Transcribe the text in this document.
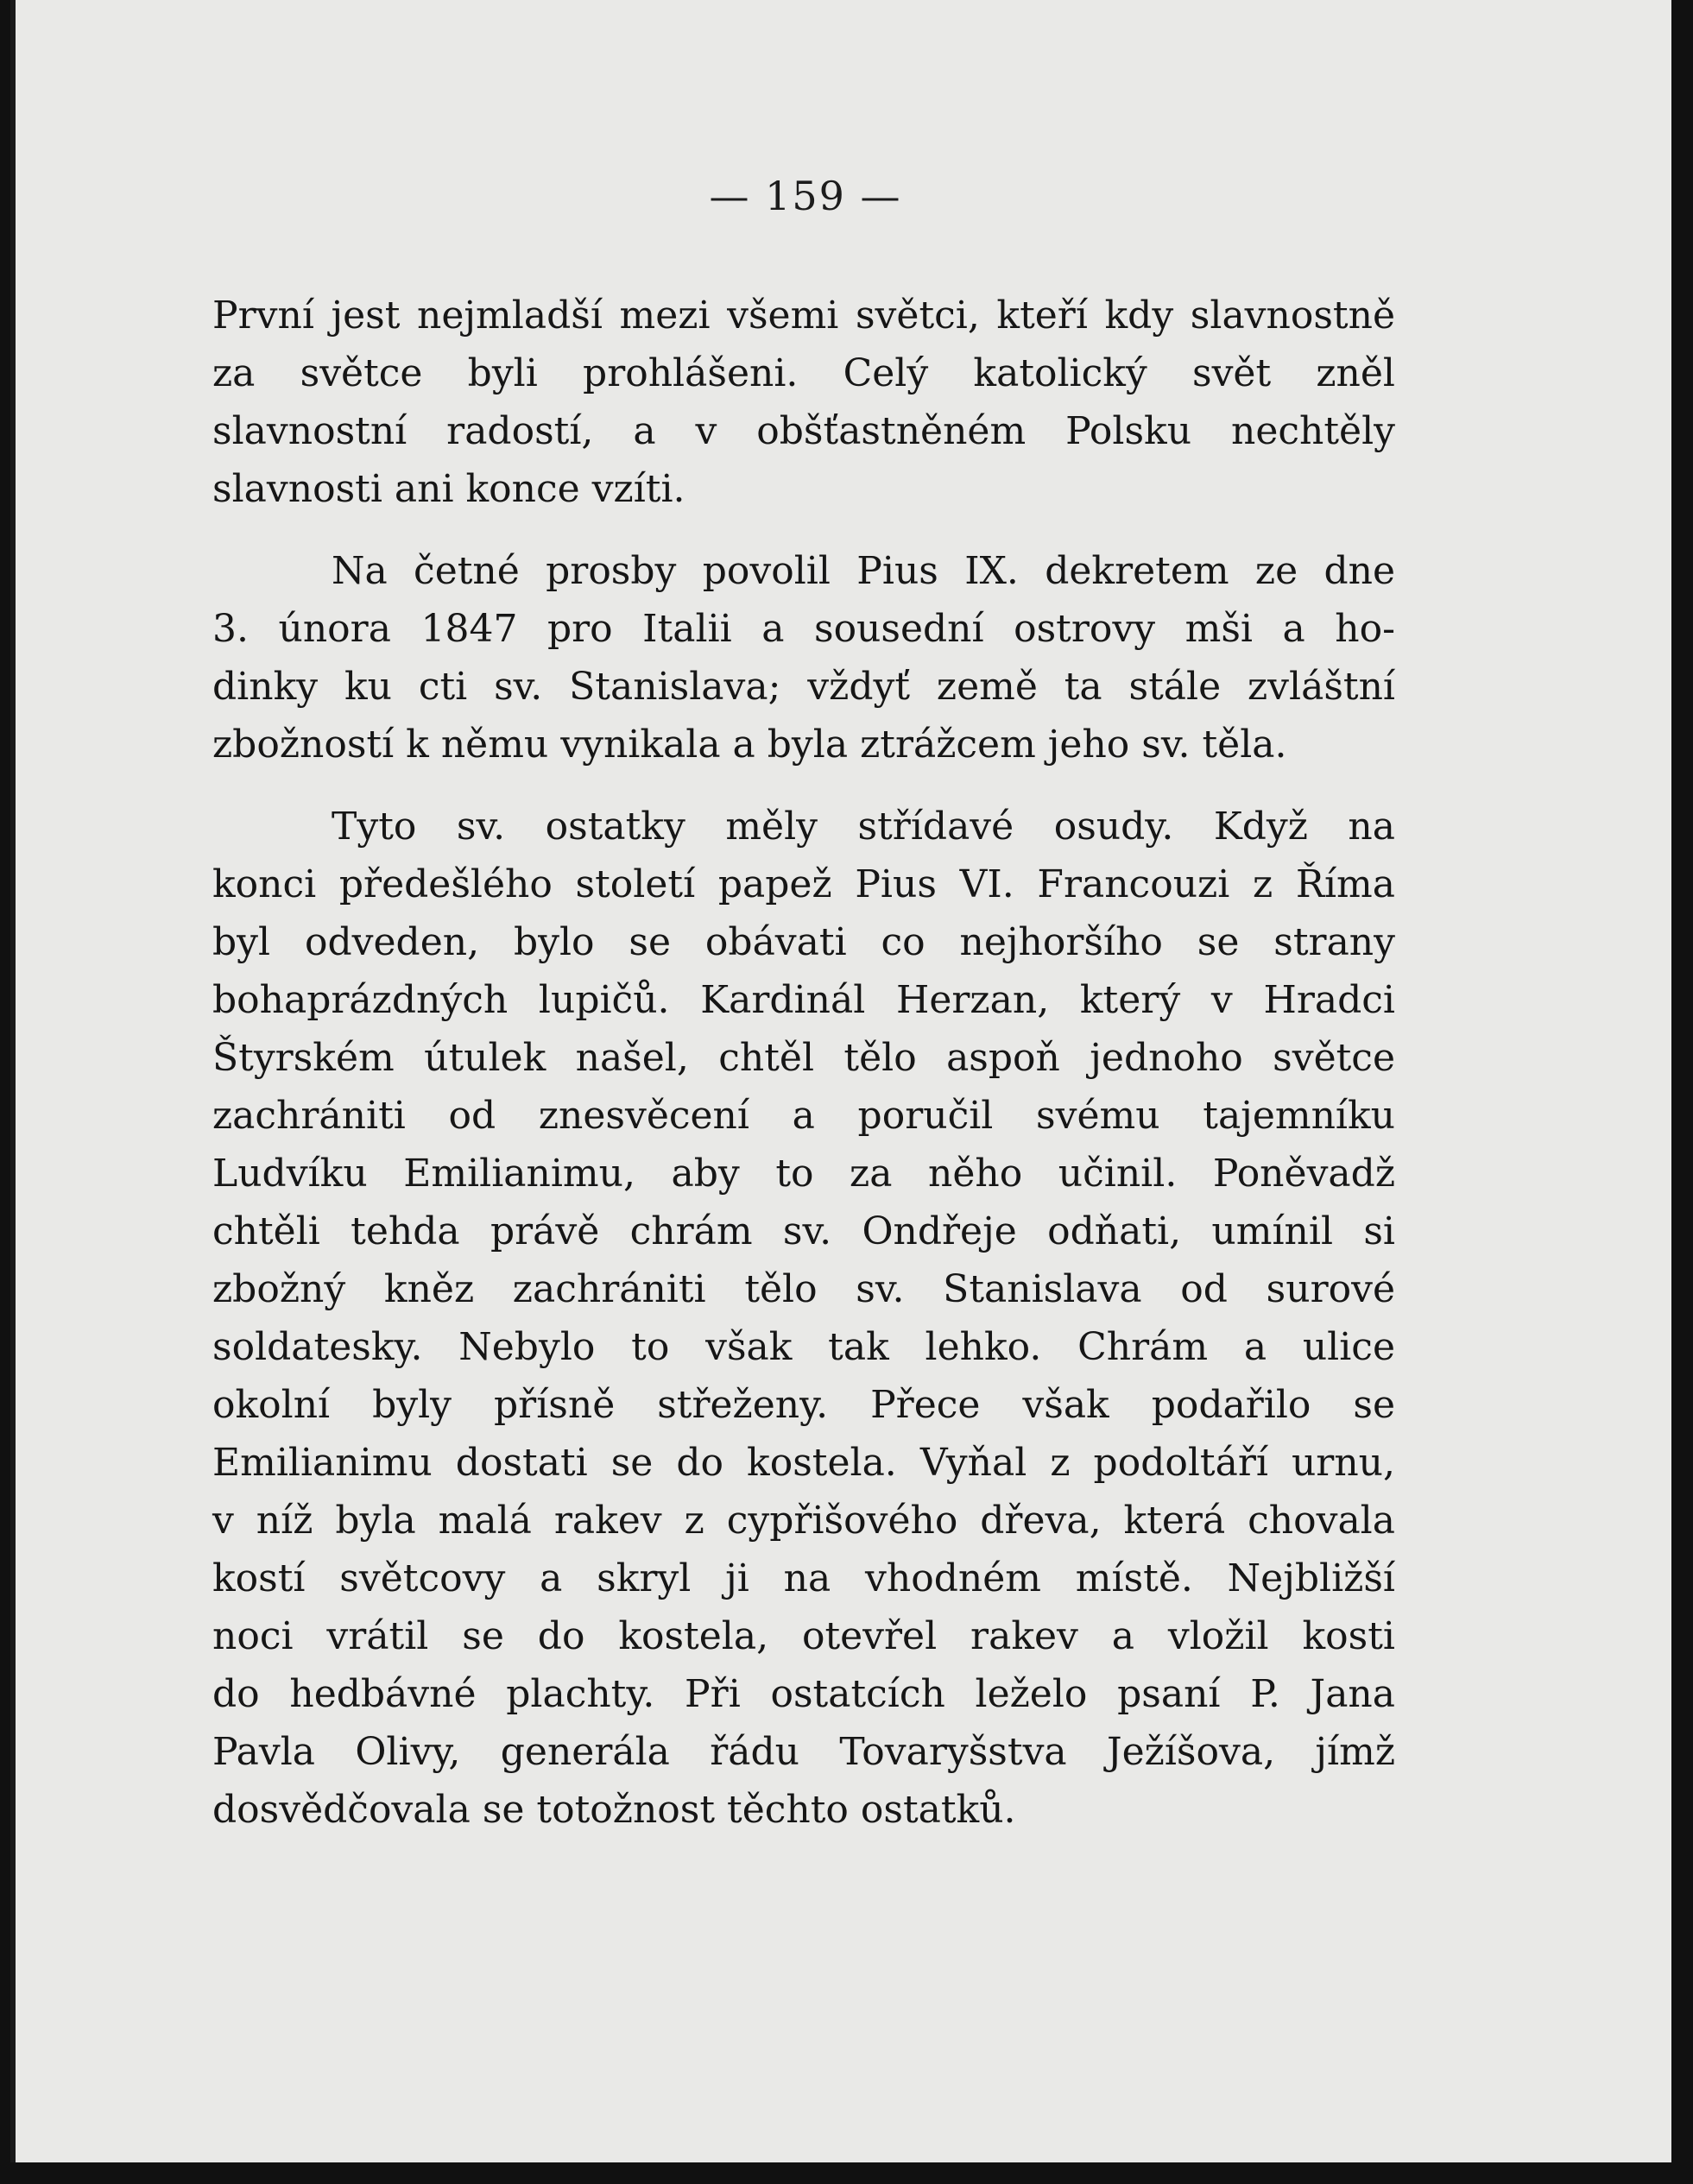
— 159 —
První jest nejmladší mezi všemi světci, kteří kdy slavnostně
za světce byli prohlášeni. Celý katolický svět zněl
slavnostní radostí, a v obšťastněném Polsku nechtěly
slavnosti ani konce vzíti.
Na četné prosby povolil Pius IX. dekretem ze dne
3. února 1847 pro Italii a sousední ostrovy mši a ho-
dinky ku cti sv. Stanislava; vždyť země ta stále zvláštní
zbožností k němu vynikala a byla ztrážcem jeho sv. těla.
Tyto sv. ostatky měly střídavé osudy. Když na
konci předešlého století papež Pius VI. Francouzi z Říma
byl odveden, bylo se obávati co nejhoršího se strany
bohaprázdných lupičů. Kardinál Herzan, který v Hradci
Štyrském útulek našel, chtěl tělo aspoň jednoho světce
zachrániti od znesvěcení a poručil svému tajemníku
Ludvíku Emilianimu, aby to za něho učinil. Poněvadž
chtěli tehda právě chrám sv. Ondřeje odňati, umínil si
zbožný kněz zachrániti tělo sv. Stanislava od surové
soldatesky. Nebylo to však tak lehko. Chrám a ulice
okolní byly přísně střeženy. Přece však podařilo se
Emilianimu dostati se do kostela. Vyňal z podoltáří urnu,
v níž byla malá rakev z cypřišového dřeva, která chovala
kostí světcovy a skryl ji na vhodném místě. Nejbližší
noci vrátil se do kostela, otevřel rakev a vložil kosti
do hedbávné plachty. Při ostatcích leželo psaní P. Jana
Pavla Olivy, generála řádu Tovaryšstva Ježíšova, jímž
dosvědčovala se totožnost těchto ostatků.
